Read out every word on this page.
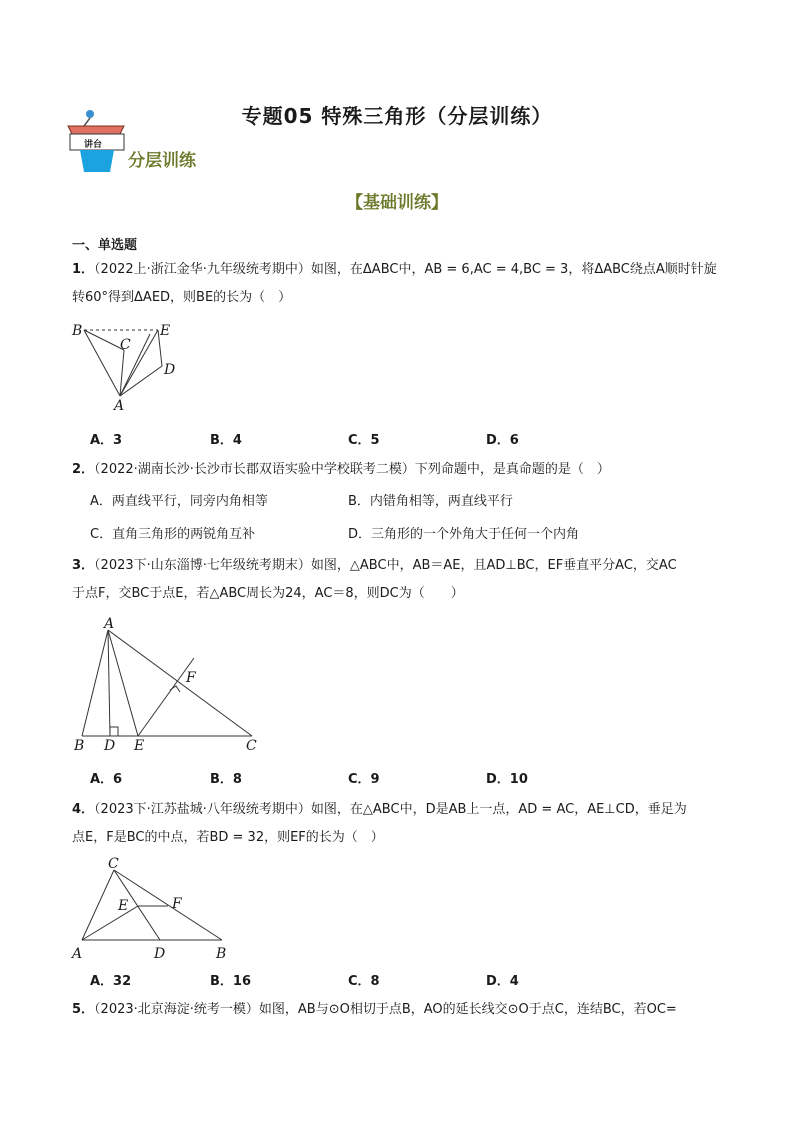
专题05 特殊三角形（分层训练）
讲台
分层训练
【基础训练】
一、单选题
1．（2022上·浙江金华·九年级统考期中）如图，在ΔABC中，AB = 6,AC = 4,BC = 3，将ΔABC绕点A顺时针旋
转60°得到ΔAED，则BE的长为（　）
B
C
E
D
A
A．3	B．4	C．5	D．6
2．（2022·湖南长沙·长沙市长郡双语实验中学校联考二模）下列命题中，是真命题的是（　）
A．两直线平行，同旁内角相等	B．内错角相等，两直线平行
C．直角三角形的两锐角互补	D．三角形的一个外角大于任何一个内角
3．（2023下·山东淄博·七年级统考期末）如图，△ABC中，AB＝AE，且AD⊥BC，EF垂直平分AC，交AC
于点F，交BC于点E，若△ABC周长为24，AC＝8，则DC为（　　）
A
F
B D E	C
A．6	B．8	C．9	D．10
4．（2023下·江苏盐城·八年级统考期中）如图，在△ABC中，D是AB上一点，AD = AC，AE⊥CD，垂足为
点E，F是BC的中点，若BD = 32，则EF的长为（　）
C
E	F
A	D	B
A．32	B．16	C．8	D．4
5．（2023·北京海淀·统考一模）如图，AB与⊙O相切于点B，AO的延长线交⊙O于点C，连结BC，若OC=
